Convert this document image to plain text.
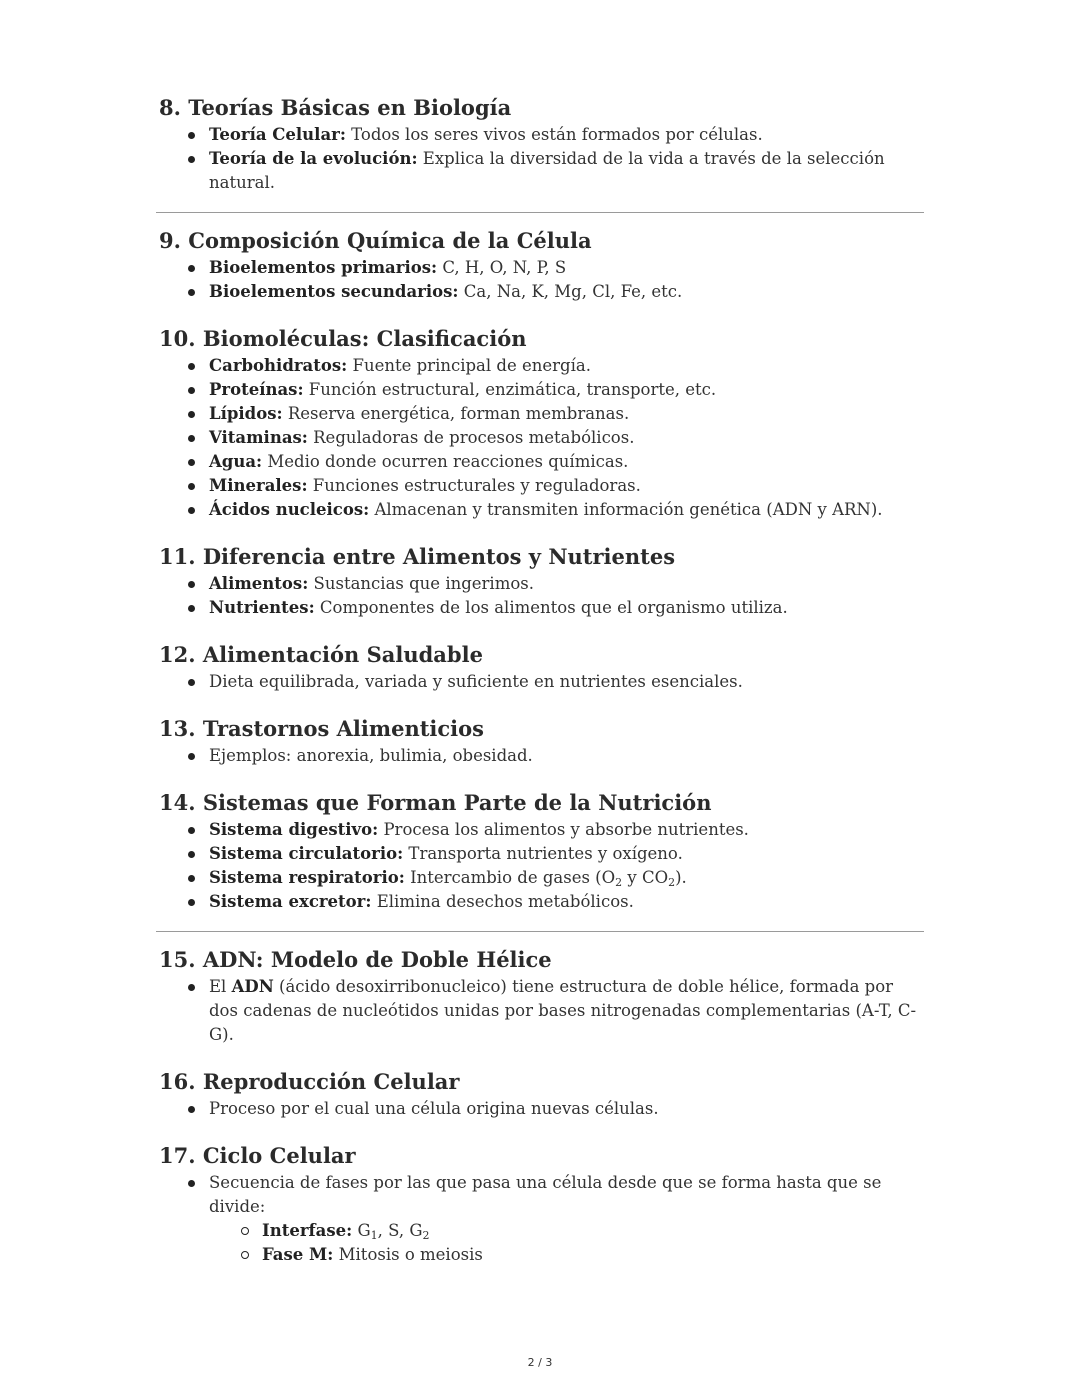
8. Teorías Básicas en Biología
Teoría Celular: Todos los seres vivos están formados por células.
Teoría de la evolución: Explica la diversidad de la vida a través de la selección natural.
9. Composición Química de la Célula
Bioelementos primarios: C, H, O, N, P, S
Bioelementos secundarios: Ca, Na, K, Mg, Cl, Fe, etc.
10. Biomoléculas: Clasificación
Carbohidratos: Fuente principal de energía.
Proteínas: Función estructural, enzimática, transporte, etc.
Lípidos: Reserva energética, forman membranas.
Vitaminas: Reguladoras de procesos metabólicos.
Agua: Medio donde ocurren reacciones químicas.
Minerales: Funciones estructurales y reguladoras.
Ácidos nucleicos: Almacenan y transmiten información genética (ADN y ARN).
11. Diferencia entre Alimentos y Nutrientes
Alimentos: Sustancias que ingerimos.
Nutrientes: Componentes de los alimentos que el organismo utiliza.
12. Alimentación Saludable
Dieta equilibrada, variada y suficiente en nutrientes esenciales.
13. Trastornos Alimenticios
Ejemplos: anorexia, bulimia, obesidad.
14. Sistemas que Forman Parte de la Nutrición
Sistema digestivo: Procesa los alimentos y absorbe nutrientes.
Sistema circulatorio: Transporta nutrientes y oxígeno.
Sistema respiratorio: Intercambio de gases ($O_2$ y $CO_2$).
Sistema excretor: Elimina desechos metabólicos.
15. ADN: Modelo de Doble Hélice
El ADN (ácido desoxirribonucleico) tiene estructura de doble hélice, formada por dos cadenas de nucleótidos unidas por bases nitrogenadas complementarias (A-T, C-G).
16. Reproducción Celular
Proceso por el cual una célula origina nuevas células.
17. Ciclo Celular
Secuencia de fases por las que pasa una célula desde que se forma hasta que se divide:
Interfase: $G_1$, S, $G_2$
Fase M: Mitosis o meiosis
2 / 3
